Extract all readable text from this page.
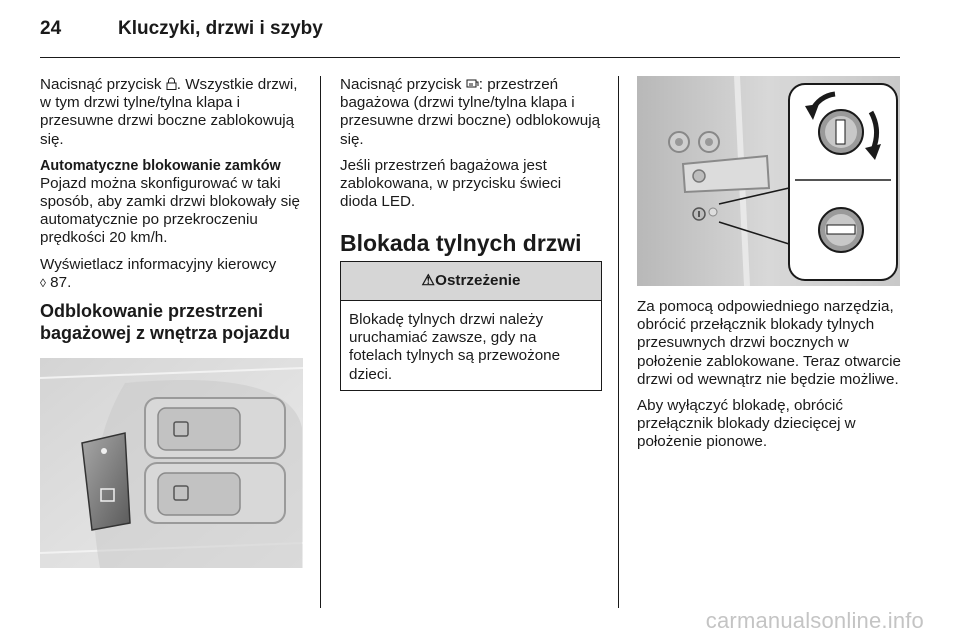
24	Kluczyki, drzwi i szyby

Nacisnąć przycisk . Wszystkie drzwi, w tym drzwi tylne/tylna klapa i przesuwne drzwi boczne zablokowują się.

Automatyczne blokowanie zamków

Pojazd można skonfigurować w taki sposób, aby zamki drzwi blokowały się automatycznie po przekroczeniu prędkości 20 km/h.

Wyświetlacz informacyjny kierowcy
◊ 87.

Odblokowanie przestrzeni bagażowej z wnętrza pojazdu

Nacisnąć przycisk : przestrzeń bagażowa (drzwi tylne/tylna klapa i przesuwne drzwi boczne) odblokowują się.

Jeśli przestrzeń bagażowa jest zablokowana, w przycisku świeci dioda LED.

Blokada tylnych drzwi
⚠Ostrzeżenie
Blokadę tylnych drzwi należy uruchamiać zawsze, gdy na fotelach tylnych są przewożone dzieci.

Za pomocą odpowiedniego narzędzia, obrócić przełącznik blokady tylnych przesuwnych drzwi bocznych w położenie zablokowane. Teraz otwarcie drzwi od wewnątrz nie będzie możliwe.

Aby wyłączyć blokadę, obrócić przełącznik blokady dziecięcej w położenie pionowe.

carmanualsonline.info
